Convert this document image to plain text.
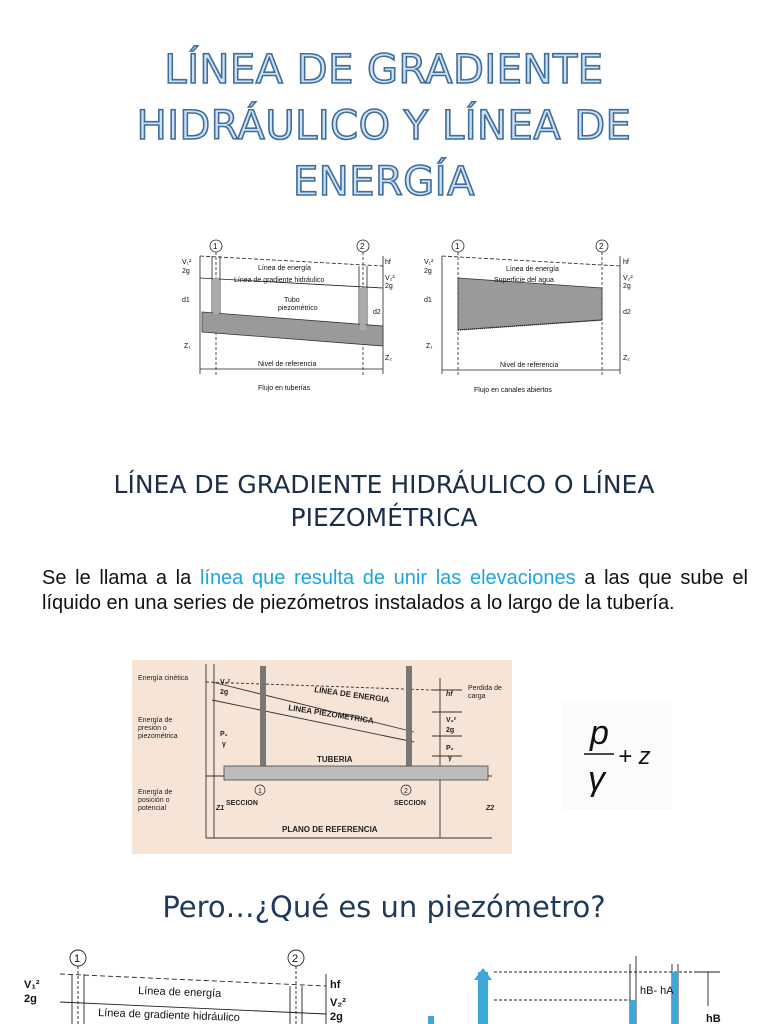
LÍNEA DE GRADIENTE
HIDRÁULICO Y LÍNEA DE
ENERGÍA
1	2
V₁²
2g
hf
V₂²
2g
Línea de energía
Línea de gradiente hidráulico
Tubo
piezométrico
d1
d2
Z₁
Z₂
Nivel de referencia
Flujo en tuberías
1	2
V₁²
2g
hf
V₂²
2g
Línea de energía
Superficie del agua
d1
d2
Z₁
Z₂
Nivel de referencia
Flujo en canales abiertos
LÍNEA DE GRADIENTE HIDRÁULICO O LÍNEA
PIEZOMÉTRICA
Se le llama a la línea que resulta de unir las elevaciones a las que sube el líquido en una series de piezómetros instalados a lo largo de la tubería.
Energía cinética
Energía de
presión o
piezométrica
Energía de
posición o
potencial
Perdida de
carga
hf
V₁²
2g
V₂²
2g
P₁
γ
P₂
γ
Z1	Z2
SECCION	SECCION
PLANO DE REFERENCIA
LINEA DE ENERGIA
LINEA PIEZOMETRICA
TUBERIA
1	2
p
γ
+ z
Pero…¿Qué es un piezómetro?
1	2
V₁²
2g
hf
V₂²
2g
Línea de energía
Línea de gradiente hidráulico
hB- hA
hB
